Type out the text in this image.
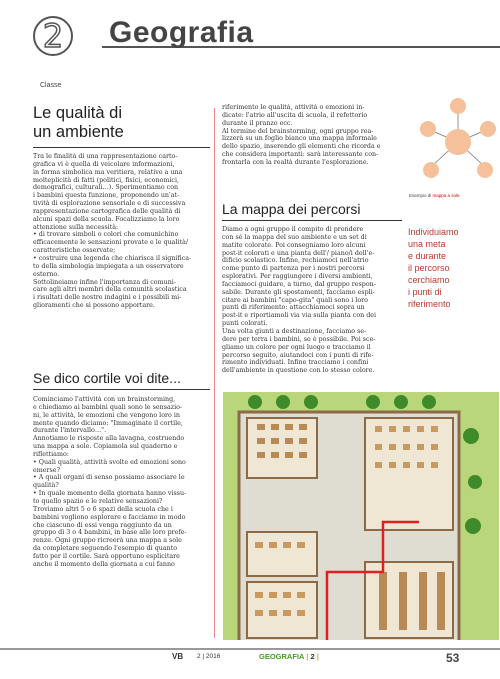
2
Classe
Geografia
Le qualità di
un ambiente
Tra le finalità di una rappresentazione carto-
grafica vi è quella di veicolare informazioni,
in forma simbolica ma veritiera, relative a una
molteplicità di fatti (politici, fisici, economici,
demografici, culturali…). Sperimentiamo con
i bambini questa funzione, proponendo un'at-
tività di esplorazione sensoriale e di successiva
rappresentazione cartografica delle qualità di
alcuni spazi della scuola. Focalizziamo la loro
attenzione sulla necessità:
• di trovare simboli o colori che comunichino
efficacemente le sensazioni provate e le qualità/
caratteristiche osservate;
• costruire una legenda che chiarisca il significa-
to della simbologia impiegata a un osservatore
esterno.
Sottolineiamo infine l'importanza di comuni-
care agli altri membri della comunità scolastica
i risultati delle nostre indagini e i possibili mi-
glioramenti che si possono apportare.
Se dico cortile voi dite...
Cominciamo l'attività con un brainstorming,
e chiediamo ai bambini quali sono le sensazio-
ni, le attività, le emozioni che vengono loro in
mente quando diciamo: "Immaginate il cortile,
durante l'intervallo…".
Annotiamo le risposte alla lavagna, costruendo
una mappa a sole. Copiamola sul quaderno e
riflettiamo:
• Quali qualità, attività svolte ed emozioni sono
emerse?
• A quali organi di senso possiamo associare le
qualità?
• In quale momento della giornata hanno vissu-
to quello spazio e le relative sensazioni?
Troviamo altri 5 o 6 spazi della scuola che i
bambini vogliono esplorare e facciamo in modo
che ciascuno di essi venga raggiunto da un
gruppo di 3 o 4 bambini, in base alle loro prefe-
renze. Ogni gruppo ricreerà una mappa a sole
da completare seguendo l'esempio di quanto
fatto per il cortile. Sarà opportuno esplicitare
anche il momento della giornata a cui fanno
riferimento le qualità, attività o emozioni in-
dicate: l'atrio all'uscita di scuola, il refettorio
durante il pranzo ecc.
Al termine del brainstorming, ogni gruppo rea-
lizzerà su un foglio bianco una mappa informale
dello spazio, inserendo gli elementi che ricorda e
che considera importanti: sarà interessante con-
frontarla con la realtà durante l'esplorazione.
La mappa dei percorsi
Diamo a ogni gruppo il compito di prendere
con sé la mappa del suo ambiente e un set di
matite colorate. Poi consegniamo loro alcuni
post-it colorati e una pianta dell'/ piano/i dell'e-
dificio scolastico. Infine, rechiamoci nell'atrio
come punto di partenza per i nostri percorsi
esplorativi. Per raggiungere i diversi ambienti,
facciamoci guidare, a turno, dal gruppo respon-
sabile. Durante gli spostamenti, facciamo espli-
citare ai bambini "capo-gita" quali sono i loro
punti di riferimento: attacchiamoci sopra un
post-it e riportiamoli via via sulla pianta con dei
punti colorati.
Una volta giunti a destinazione, facciamo se-
dere per terra i bambini, se è possibile. Poi sce-
gliamo un colore per ogni luogo e tracciamo il
percorso seguito, aiutandoci con i punti di rife-
rimento individuati. Infine tracciamo i confini
dell'ambiente in questione con lo stesso colore.
Esempio di mappa a sole
Individuiamo
una meta
e durante
il percorso
cerchiamo
i punti di
riferimento
VB 2 | 2016	GEOGRAFIA | 2 |	53
